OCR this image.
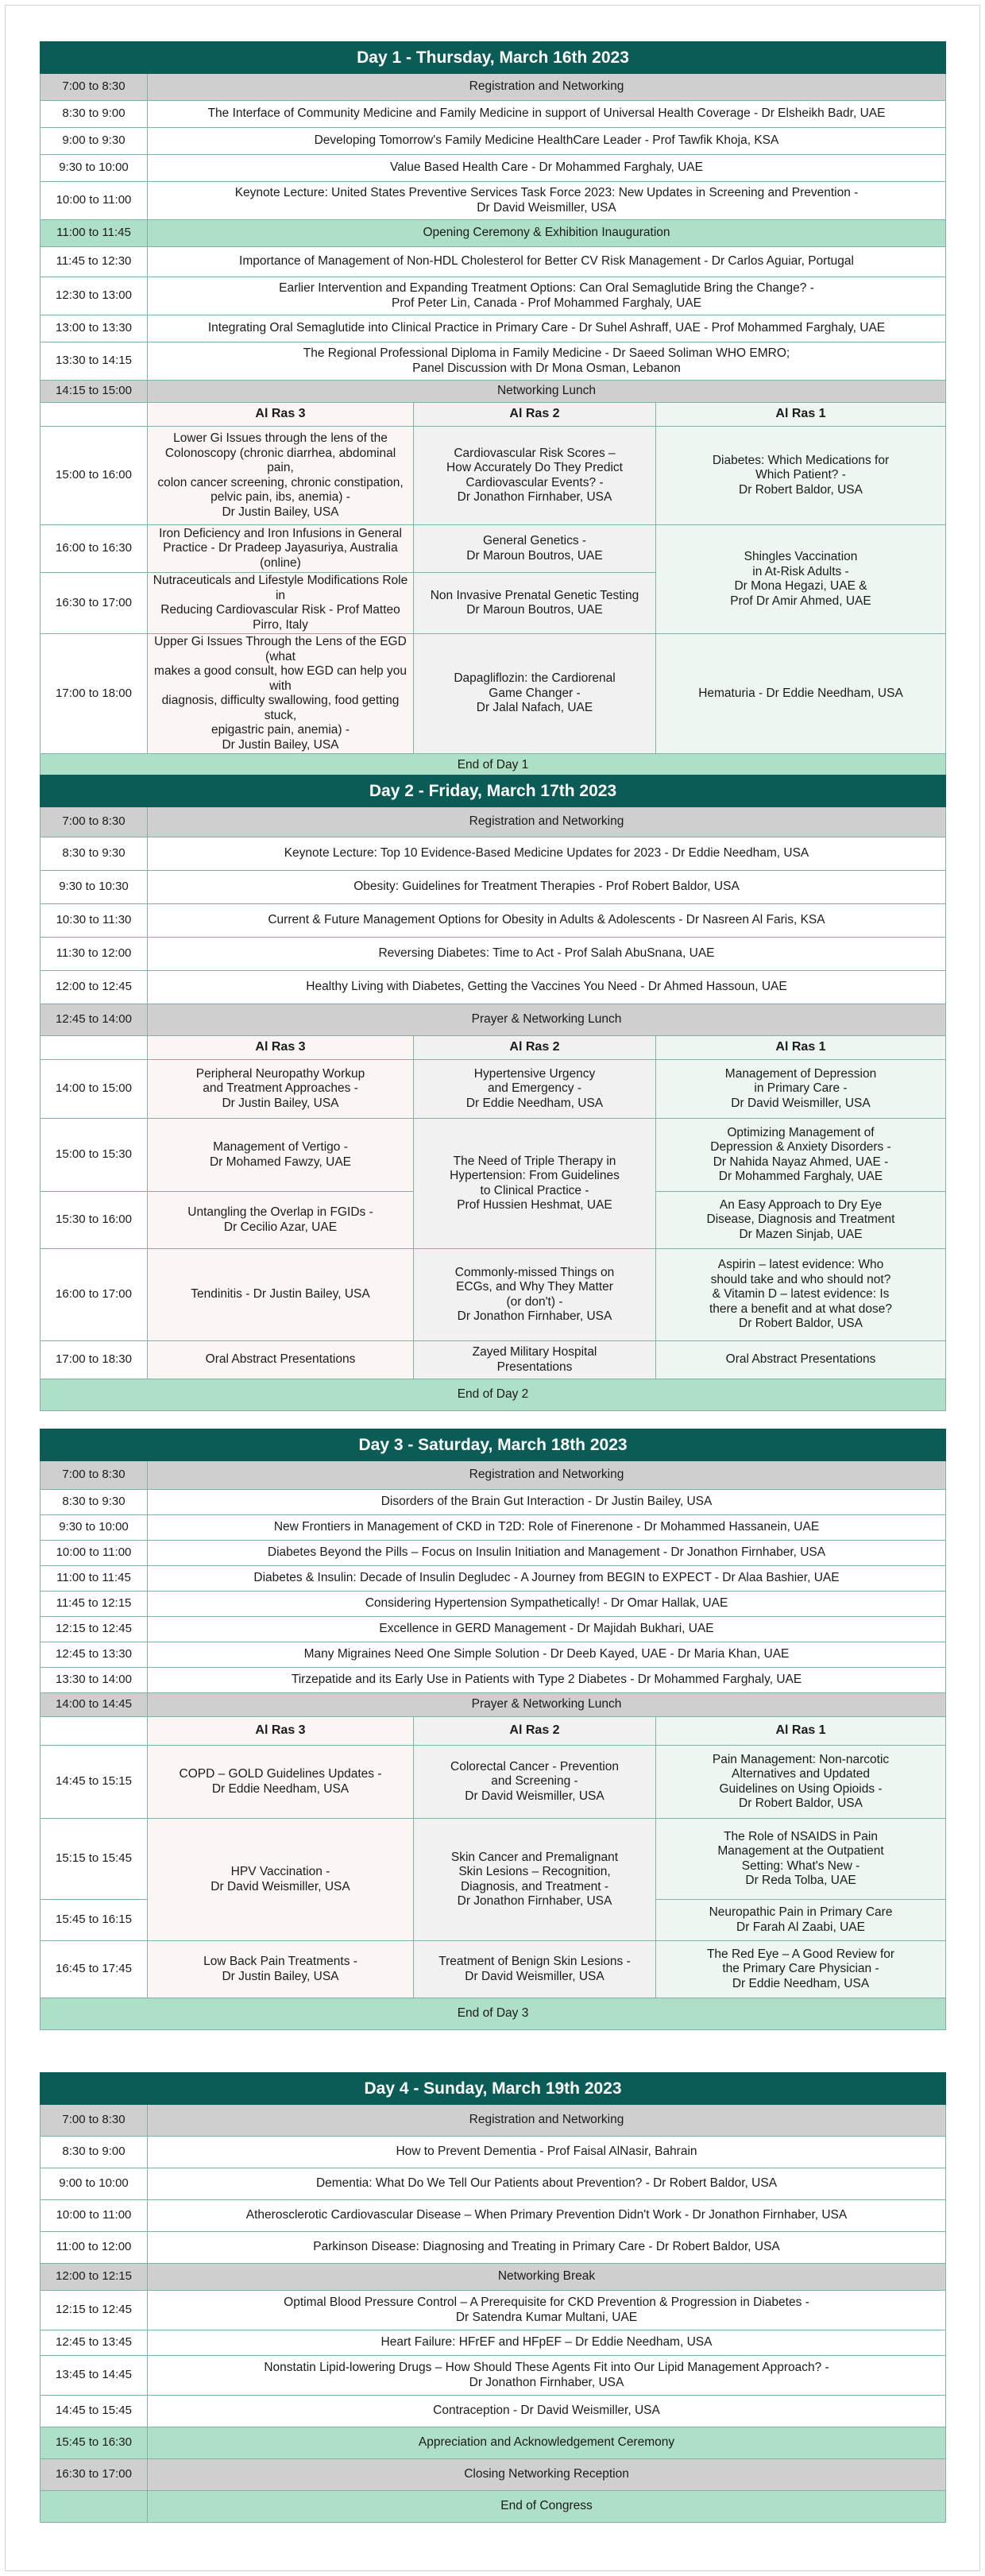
Day 1 - Thursday, March 16th 2023			
7:00 to 8:30	Registration and Networking		
8:30 to 9:00	The Interface of Community Medicine and Family Medicine in support of Universal Health Coverage - Dr Elsheikh Badr, UAE		
9:00 to 9:30	Developing Tomorrow's Family Medicine HealthCare Leader - Prof Tawfik Khoja, KSA		
9:30 to 10:00	Value Based Health Care - Dr Mohammed Farghaly, UAE		
10:00 to 11:00	Keynote Lecture: United States Preventive Services Task Force 2023: New Updates in Screening and Prevention -
Dr David Weismiller, USA		
11:00 to 11:45	Opening Ceremony & Exhibition Inauguration		
11:45 to 12:30	Importance of Management of Non-HDL Cholesterol for Better CV Risk Management - Dr Carlos Aguiar, Portugal		
12:30 to 13:00	Earlier Intervention and Expanding Treatment Options: Can Oral Semaglutide Bring the Change? -
Prof Peter Lin, Canada - Prof Mohammed Farghaly, UAE		
13:00 to 13:30	Integrating Oral Semaglutide into Clinical Practice in Primary Care - Dr Suhel Ashraff, UAE - Prof Mohammed Farghaly, UAE		
13:30 to 14:15	The Regional Professional Diploma in Family Medicine - Dr Saeed Soliman WHO EMRO;
Panel Discussion with Dr Mona Osman, Lebanon		
14:15 to 15:00	Networking Lunch		
	Al Ras 3	Al Ras 2	Al Ras 1
15:00 to 16:00	Lower Gi Issues through the lens of the
Colonoscopy (chronic diarrhea, abdominal pain,
colon cancer screening, chronic constipation,
pelvic pain, ibs, anemia) -
Dr Justin Bailey, USA	Cardiovascular Risk Scores –
How Accurately Do They Predict
Cardiovascular Events? -
Dr Jonathon Firnhaber, USA	Diabetes: Which Medications for
Which Patient? -
Dr Robert Baldor, USA
16:00 to 16:30	Iron Deficiency and Iron Infusions in General
Practice - Dr Pradeep Jayasuriya, Australia (online)	General Genetics -
Dr Maroun Boutros, UAE	Shingles Vaccination
in At-Risk Adults -
Dr Mona Hegazi, UAE &
Prof Dr Amir Ahmed, UAE
16:30 to 17:00	Nutraceuticals and Lifestyle Modifications Role in
Reducing Cardiovascular Risk - Prof Matteo Pirro, Italy	Non Invasive Prenatal Genetic Testing
Dr Maroun Boutros, UAE	
17:00 to 18:00	Upper Gi Issues Through the Lens of the EGD (what
makes a good consult, how EGD can help you with
diagnosis, difficulty swallowing, food getting stuck,
epigastric pain, anemia) -
Dr Justin Bailey, USA	Dapagliflozin: the Cardiorenal
Game Changer -
Dr Jalal Nafach, UAE	Hematuria - Dr Eddie Needham, USA
End of Day 1			
Day 2 - Friday, March 17th 2023			
7:00 to 8:30	Registration and Networking		
8:30 to 9:30	Keynote Lecture: Top 10 Evidence-Based Medicine Updates for 2023 - Dr Eddie Needham, USA		
9:30 to 10:30	Obesity: Guidelines for Treatment Therapies - Prof Robert Baldor, USA		
10:30 to 11:30	Current & Future Management Options for Obesity in Adults & Adolescents - Dr Nasreen Al Faris, KSA		
11:30 to 12:00	Reversing Diabetes: Time to Act - Prof Salah AbuSnana, UAE		
12:00 to 12:45	Healthy Living with Diabetes, Getting the Vaccines You Need - Dr Ahmed Hassoun, UAE		
12:45 to 14:00	Prayer & Networking Lunch		
	Al Ras 3	Al Ras 2	Al Ras 1
14:00 to 15:00	Peripheral Neuropathy Workup
and Treatment Approaches -
Dr Justin Bailey, USA	Hypertensive Urgency
and Emergency -
Dr Eddie Needham, USA	Management of Depression
in Primary Care -
Dr David Weismiller, USA
15:00 to 15:30	Management of Vertigo -
Dr Mohamed Fawzy, UAE	The Need of Triple Therapy in
Hypertension: From Guidelines
to Clinical Practice -
Prof Hussien Heshmat, UAE	Optimizing Management of
Depression & Anxiety Disorders -
Dr Nahida Nayaz Ahmed, UAE -
Dr Mohammed Farghaly, UAE
15:30 to 16:00	Untangling the Overlap in FGIDs -
Dr Cecilio Azar, UAE		An Easy Approach to Dry Eye
Disease, Diagnosis and Treatment
Dr Mazen Sinjab, UAE
16:00 to 17:00	Tendinitis - Dr Justin Bailey, USA	Commonly-missed Things on
ECGs, and Why They Matter
(or don't) -
Dr Jonathon Firnhaber, USA	Aspirin – latest evidence: Who
should take and who should not?
& Vitamin D – latest evidence: Is
there a benefit and at what dose?
Dr Robert Baldor, USA
17:00 to 18:30	Oral Abstract Presentations	Zayed Military Hospital
Presentations	Oral Abstract Presentations
End of Day 2			
Day 3 - Saturday, March 18th 2023			
7:00 to 8:30	Registration and Networking		
8:30 to 9:30	Disorders of the Brain Gut Interaction - Dr Justin Bailey, USA		
9:30 to 10:00	New Frontiers in Management of CKD in T2D: Role of Finerenone - Dr Mohammed Hassanein, UAE		
10:00 to 11:00	Diabetes Beyond the Pills – Focus on Insulin Initiation and Management - Dr Jonathon Firnhaber, USA		
11:00 to 11:45	Diabetes & Insulin: Decade of Insulin Degludec - A Journey from BEGIN to EXPECT - Dr Alaa Bashier, UAE		
11:45 to 12:15	Considering Hypertension Sympathetically! - Dr Omar Hallak, UAE		
12:15 to 12:45	Excellence in GERD Management - Dr Majidah Bukhari, UAE		
12:45 to 13:30	Many Migraines Need One Simple Solution - Dr Deeb Kayed, UAE - Dr Maria Khan, UAE		
13:30 to 14:00	Tirzepatide and its Early Use in Patients with Type 2 Diabetes - Dr Mohammed Farghaly, UAE		
14:00 to 14:45	Prayer & Networking Lunch		
	Al Ras 3	Al Ras 2	Al Ras 1
14:45 to 15:15	COPD – GOLD Guidelines Updates -
Dr Eddie Needham, USA	Colorectal Cancer - Prevention
and Screening -
Dr David Weismiller, USA	Pain Management: Non-narcotic
Alternatives and Updated
Guidelines on Using Opioids -
Dr Robert Baldor, USA
15:15 to 15:45	HPV Vaccination -
Dr David Weismiller, USA	Skin Cancer and Premalignant
Skin Lesions – Recognition,
Diagnosis, and Treatment -
Dr Jonathon Firnhaber, USA	The Role of NSAIDS in Pain
Management at the Outpatient
Setting: What's New -
Dr Reda Tolba, UAE
15:45 to 16:15			Neuropathic Pain in Primary Care
Dr Farah Al Zaabi, UAE
16:45 to 17:45	Low Back Pain Treatments -
Dr Justin Bailey, USA	Treatment of Benign Skin Lesions -
Dr David Weismiller, USA	The Red Eye – A Good Review for
the Primary Care Physician -
Dr Eddie Needham, USA
End of Day 3			
Day 4 - Sunday, March 19th 2023	
7:00 to 8:30	Registration and Networking
8:30 to 9:00	How to Prevent Dementia - Prof Faisal AlNasir, Bahrain
9:00 to 10:00	Dementia: What Do We Tell Our Patients about Prevention? - Dr Robert Baldor, USA
10:00 to 11:00	Atherosclerotic Cardiovascular Disease – When Primary Prevention Didn't Work - Dr Jonathon Firnhaber, USA
11:00 to 12:00	Parkinson Disease: Diagnosing and Treating in Primary Care - Dr Robert Baldor, USA
12:00 to 12:15	Networking Break
12:15 to 12:45	Optimal Blood Pressure Control – A Prerequisite for CKD Prevention & Progression in Diabetes -
Dr Satendra Kumar Multani, UAE
12:45 to 13:45	Heart Failure: HFrEF and HFpEF – Dr Eddie Needham, USA
13:45 to 14:45	Nonstatin Lipid-lowering Drugs – How Should These Agents Fit into Our Lipid Management Approach? -
Dr Jonathon Firnhaber, USA
14:45 to 15:45	Contraception - Dr David Weismiller, USA
15:45 to 16:30	Appreciation and Acknowledgement Ceremony
16:30 to 17:00	Closing Networking Reception
	End of Congress
